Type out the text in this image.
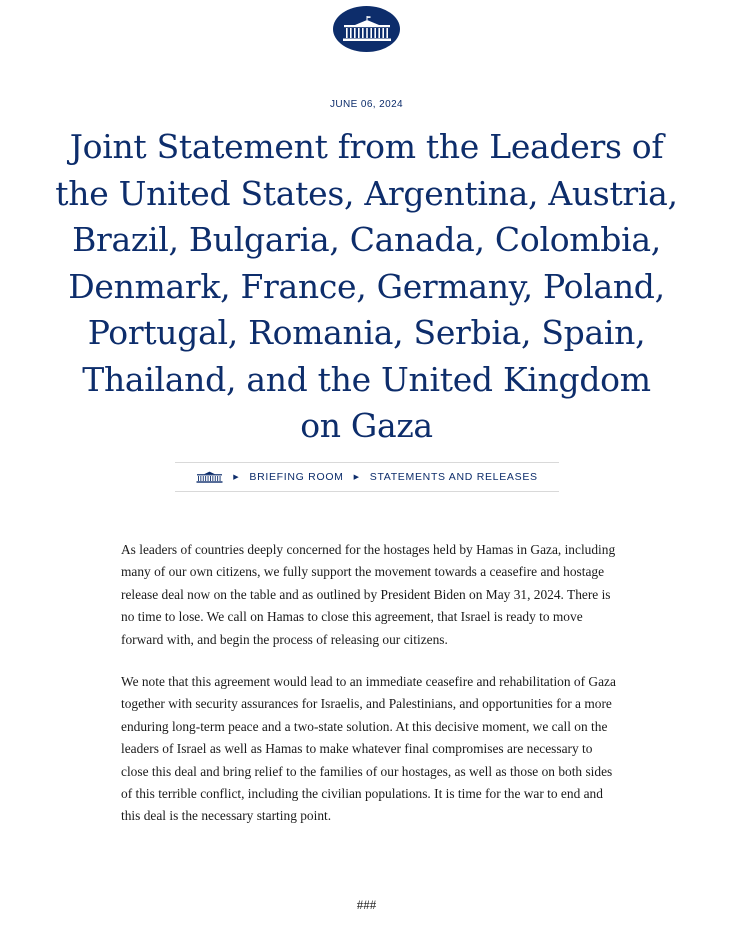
JUNE 06, 2024
Joint Statement from the Leaders of
the United States, Argentina, Austria,
Brazil, Bulgaria, Canada, Colombia,
Denmark, France, Germany, Poland,
Portugal, Romania, Serbia, Spain,
Thailand, and the United Kingdom
on Gaza
▶ BRIEFING ROOM ▶ STATEMENTS AND RELEASES

As leaders of countries deeply concerned for the hostages held by Hamas in Gaza, including many of our own citizens, we fully support the movement towards a ceasefire and hostage release deal now on the table and as outlined by President Biden on May 31, 2024. There is no time to lose. We call on Hamas to close this agreement, that Israel is ready to move forward with, and begin the process of releasing our citizens.

We note that this agreement would lead to an immediate ceasefire and rehabilitation of Gaza together with security assurances for Israelis, and Palestinians, and opportunities for a more enduring long-term peace and a two-state solution. At this decisive moment, we call on the leaders of Israel as well as Hamas to make whatever final compromises are necessary to close this deal and bring relief to the families of our hostages, as well as those on both sides of this terrible conflict, including the civilian populations. It is time for the war to end and this deal is the necessary starting point.

###
